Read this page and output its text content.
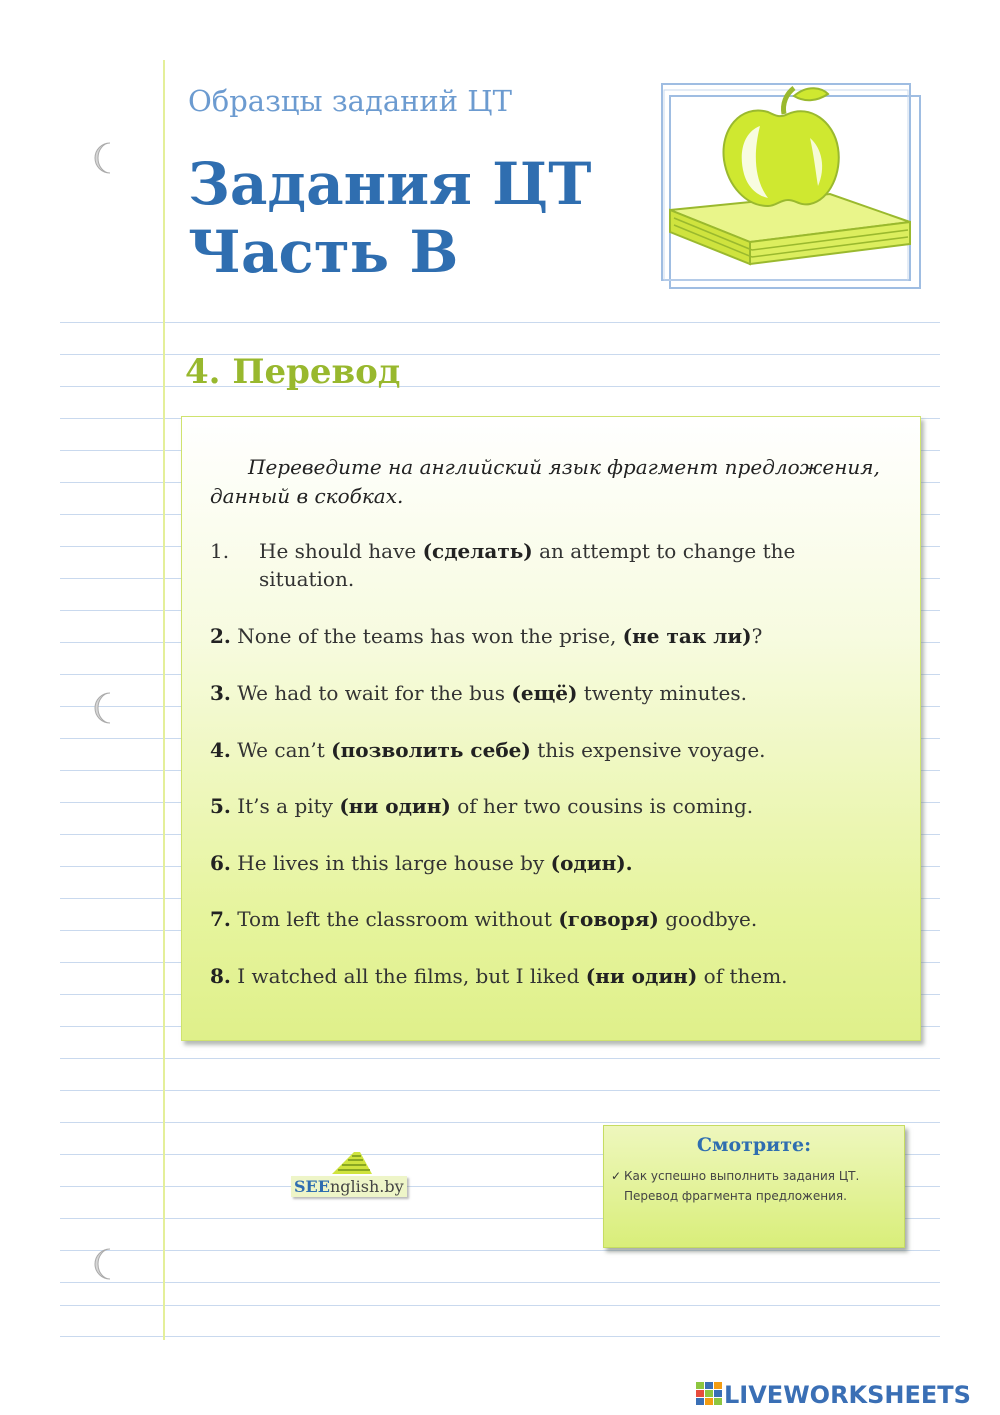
Образцы заданий ЦТ
Задания ЦТ
Часть B
4. Перевод

Переведите на английский язык фрагмент предложения, данный в скобках.

1. He should have (сделать) an attempt to change the situation.
2. None of the teams has won the prise, (не так ли)?
3. We had to wait for the bus (ещё) twenty minutes.
4. We can’t (позволить себе) this expensive voyage.
5. It’s a pity (ни один) of her two cousins is coming.
6. He lives in this large house by (один).
7. Tom left the classroom without (говоря) goodbye.
8. I watched all the films, but I liked (ни один) of them.
SEEnglish.by
Смотрите:
✓ Как успешно выполнить задания ЦТ. Перевод фрагмента предложения.
LIVEWORKSHEETS
